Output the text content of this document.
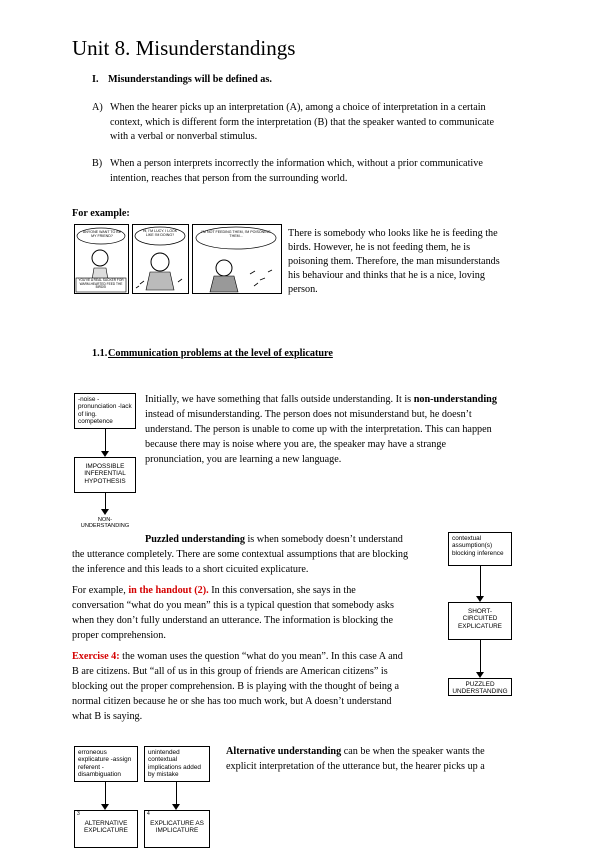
Unit 8. Misunderstandings
I. Misunderstandings will be defined as.
A) When the hearer picks up an interpretation (A), among a choice of interpretation in a certain
context, which is different form the interpretation (B) that the speaker wanted to communicate
with a verbal or nonverbal stimulus.
B) When a person interprets incorrectly the information which, without a prior communicative
intention, reaches that person from the surrounding world.
For example:
ANYONE WANT TO BE MY FRIEND?
YOU'VE A REAL SUCKER FOR WARM-HEARTED FEED THE BIRDS!
HI, I'M LUCY. I LOOK LIKE I'M DOING?
I'M NOT FEEDING THEM, I'M POISONING THEM...	There is somebody who looks like he is feeding the
birds. However, he is not feeding them, he is
poisoning them. Therefore, the man misunderstands
his behaviour and thinks that he is a nice, loving
person.
1.1. Communication problems at the level of explicature
-noise -pronunciation -lack of ling. competence
IMPOSSIBLE INFERENTIAL HYPOTHESIS
NON-UNDERSTANDING
Initially, we have something that falls outside understanding. It is non-understanding
instead of misunderstanding. The person does not misunderstand but, he doesn’t
understand. The person is unable to come up with the interpretation. This can happen
because there may is noise where you are, the speaker may have a strange
pronunciation, you are learning a new language.
contextual assumption(s) blocking inference
SHORT-CIRCUITED EXPLICATURE
PUZZLED UNDERSTANDING
Puzzled understanding is when somebody doesn’t understand
the utterance completely. There are some contextual assumptions that are blocking
the inference and this leads to a short cicuited explicature.
For example, in the handout (2). In this conversation, she says in the
conversation “what do you mean” this is a typical question that somebody asks
when they don’t fully understand an utterance. The information is blocking the
proper comprehension.
Exercise 4: the woman uses the question “what do you mean”. In this case A and
B are citizens. But “all of us in this group of friends are American citizens” is
blocking out the proper comprehension. B is playing with the thought of being a
normal citizen because he or she has too much work, but A doesn’t understand
what B is saying.
erroneous explicature -assign referent -disambiguation
unintended contextual implications added by mistake
ALTERNATIVE EXPLICATURE
3
EXPLICATURE AS IMPLICATURE
4
Alternative understanding can be when the speaker wants the
explicit interpretation of the utterance but, the hearer picks up a
